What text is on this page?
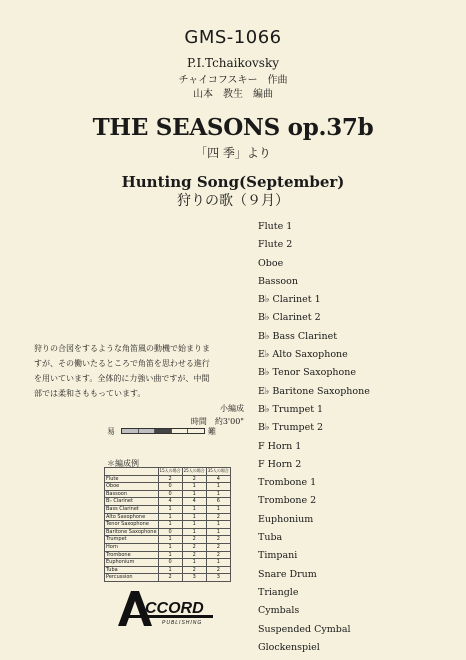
GMS-1066
P.I.Tchaikovsky
チャイコフスキー　作曲
山本　教生　編曲
THE SEASONS op.37b
「四 季」より
Hunting Song(September)
狩りの歌（９月）
Flute 1
Flute 2
Oboe
Bassoon
B♭ Clarinet 1
B♭ Clarinet 2
B♭ Bass Clarinet
E♭ Alto Saxophone
B♭ Tenor Saxophone
E♭ Baritone Saxophone
B♭ Trumpet 1
B♭ Trumpet 2
F Horn 1
F Horn 2
Trombone 1
Trombone 2
Euphonium
Tuba
Timpani
Snare Drum
Triangle
Cymbals
Suspended Cymbal
Glockenspiel
狩りの合図をするような角笛風の動機で始まりま
すが、その働いたるところで角笛を思わせる進行
を用いています。全体的に力強い曲ですが、中間
部では柔和さももっています。
小編成
時間　約3'00"
易	難
＊編成例
	15人の場合	25人の場合	35人の場合
Flute	2	2	4
Oboe	0	1	1
Bassoon	0	1	1
B♭ Clarinet	4	4	6
Bass Clarinet	1	1	1
Alto Saxophone	1	1	2
Tenor Saxophone	1	1	1
Baritone Saxophone	0	1	1
Trumpet	1	2	2
Horn	1	2	2
Trombone	1	2	2
Euphonium	0	1	1
Tuba	1	2	2
Percussion	2	3	3
CCORD
PUBLISHING
